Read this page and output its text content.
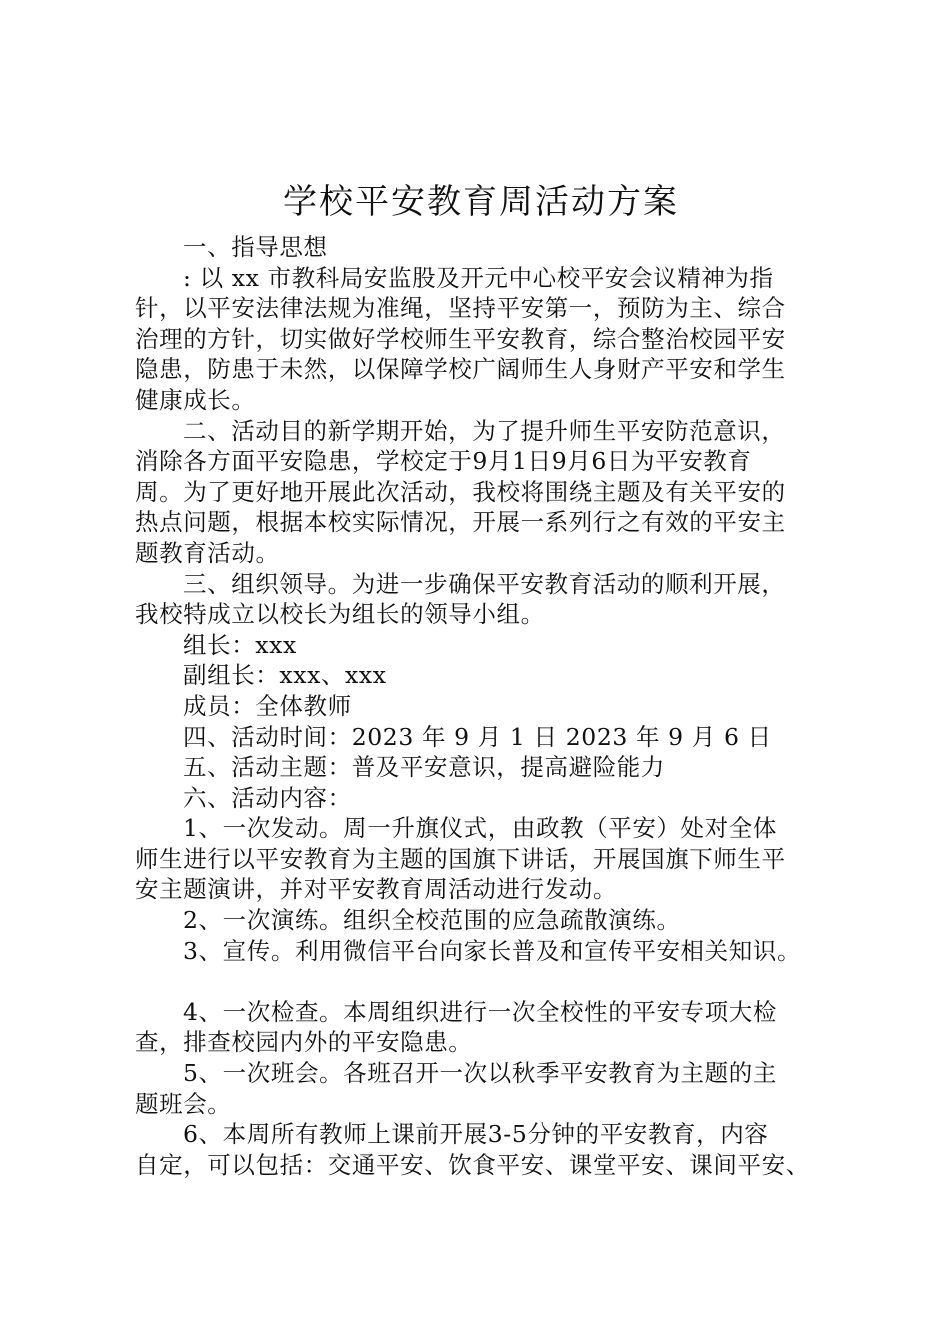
学校平安教育周活动方案
一、指导思想
: 以 xx 市教科局安监股及开元中心校平安会议精神为指
针，以平安法律法规为准绳，坚持平安第一，预防为主、综合
治理的方针，切实做好学校师生平安教育，综合整治校园平安
隐患，防患于未然，以保障学校广阔师生人身财产平安和学生
健康成长。
二、活动目的新学期开始，为了提升师生平安防范意识，
消除各方面平安隐患，学校定于9月1日9月6日为平安教育
周。为了更好地开展此次活动，我校将围绕主题及有关平安的
热点问题，根据本校实际情况，开展一系列行之有效的平安主
题教育活动。
三、组织领导。为进一步确保平安教育活动的顺利开展，
我校特成立以校长为组长的领导小组。
组长：xxx
副组长：xxx、xxx
成员：全体教师
四、活动时间：2023 年 9 月 1 日 2023 年 9 月 6 日
五、活动主题：普及平安意识，提高避险能力
六、活动内容：
1、一次发动。周一升旗仪式，由政教（平安）处对全体
师生进行以平安教育为主题的国旗下讲话，开展国旗下师生平
安主题演讲，并对平安教育周活动进行发动。
2、一次演练。组织全校范围的应急疏散演练。
3、宣传。利用微信平台向家长普及和宣传平安相关知识。
4、一次检查。本周组织进行一次全校性的平安专项大检
查，排查校园内外的平安隐患。
5、一次班会。各班召开一次以秋季平安教育为主题的主
题班会。
6、本周所有教师上课前开展3-5分钟的平安教育，内容
自定，可以包括：交通平安、饮食平安、课堂平安、课间平安、
